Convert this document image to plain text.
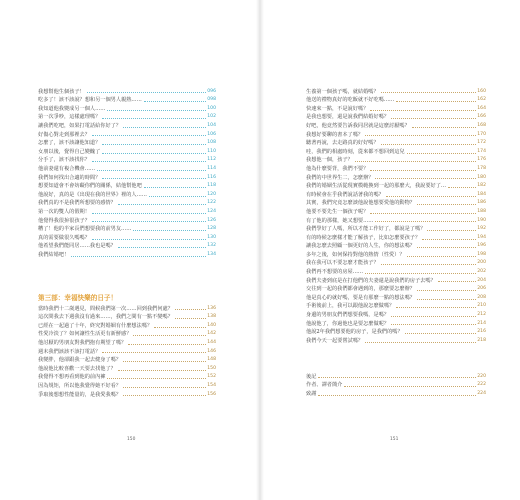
我想幫他生個孩子！	096
吃多了！該不該說？想和另一個男人親熱……	098
我知道他我變成另一個人……	100
第一次爭吵，這樣處理嗎？	102
讓我們吃吧，如果打電話給你好了？	104
好傷心對走到那裡去？	106
怎麼了，該不該讓他知道？	108
女朋以後，覺得自己變醜了	110
分手了，該不該找你？	112
他前妻還有複合機會……	114
我們如何找出合適的時間？	116
想要知道會不會妨礙你們的關係，結他幫他吧	118
他說好，真的是《出現在我的世界》裡的人……	120
我們真的不是我們所想要的感情？	122
第一次的雙人的假期！	124
他覺得我很拚很孩子？	126
糟了！他的半家長們想要我的前男友……	128
真的需要做很久嗎嗎？	130
他希望我們能同居……我也是嗎？	132
我們結婚吧！	134
第三部：幸福快樂的日子！
當時我們十二歲遇見，問候我們第一次……回到我們何處？	136
這次問我去下週我沒有過來……，我們之間有一點不變嗎？	138
已經在一起過了十年，終究對婚姻有什麼想法嗎？	140
性愛冷淡了？如何讓性生活更有新鮮感？	142
他討厭的男朋友對我們抱有期望了嗎？	144
週末我們該該不該打電話？	146
我變胖，他卻跟我一起去健身了嗎？	148
他說他比較喜歡一天要去找他了？	150
我覺得不想再看到他的前內褲	152
因為規矩，所以他我覺得她不好看？	154
爭取後想想性能量的，是我愛我嗎？	156
生養第一個孩子嗎，就結婚嗎？	160
他送的禮物真好的吃飯就不好吃嗎……	162
快速來一點，不是說好嗎？	164
是我也想要，還是說我們結婚好嗎？	166
好吧，他竟然要告訴我同居就是這麼討厭嗎？	168
我想好要聊的書本了嗎？	170
聽著再說，去走路真的好好嗎？	172
哇，我們的相處時刻，從來都不想回到這兒	174
我想他一個，孩子？	176
他為什麼要背，我們不要？	178
我們的中世界生二，怎麼辦？	180
我們的婚姻生活從現實模範換到一起的那麼大，我說要好了…	182
有時候會在乎我們說話著我的嗎？	184
其實，我們究竟怎麼談他說他想要愛他的動物？	186
他要不要先生一個孩子呢？	188
有了他的那樣，她又想要……	190
我們學好了人嗎，所以才能工作好了，都說是了嗎？	192
有的時候怎麼樣才能了解孩子，比如怎麼要孩子？	194
讓我怎麼去照顧一個更好的人生，你的想法嗎？	196
多年之後，如何保持對他的熱情（性愛）？	198
我在我可以不要怎麼才能孩子？	200
我們再不想要的房屋……	202
我們夫妻到底是在打他們的夫妻還是說我們的房子去嗎？	204
交往到一起的我們都會遇到的，那麼要怎麼辦？	206
他是真心的就好嗎，要是有那麼一點的想法嗎？	208
手術後前上，我可以跟他說怎麼做嗎？	210
身邊的男朋友們們想要我嗎，是嗎？	212
他說他了，你過他也是要怎麼做呢？	214
他說2年我們想要他的房子，是我們的嗎？	216
我們今天一起要嘗試嗎？	218
後記	220
作者、譯者簡介	222
致謝	224
150	151
